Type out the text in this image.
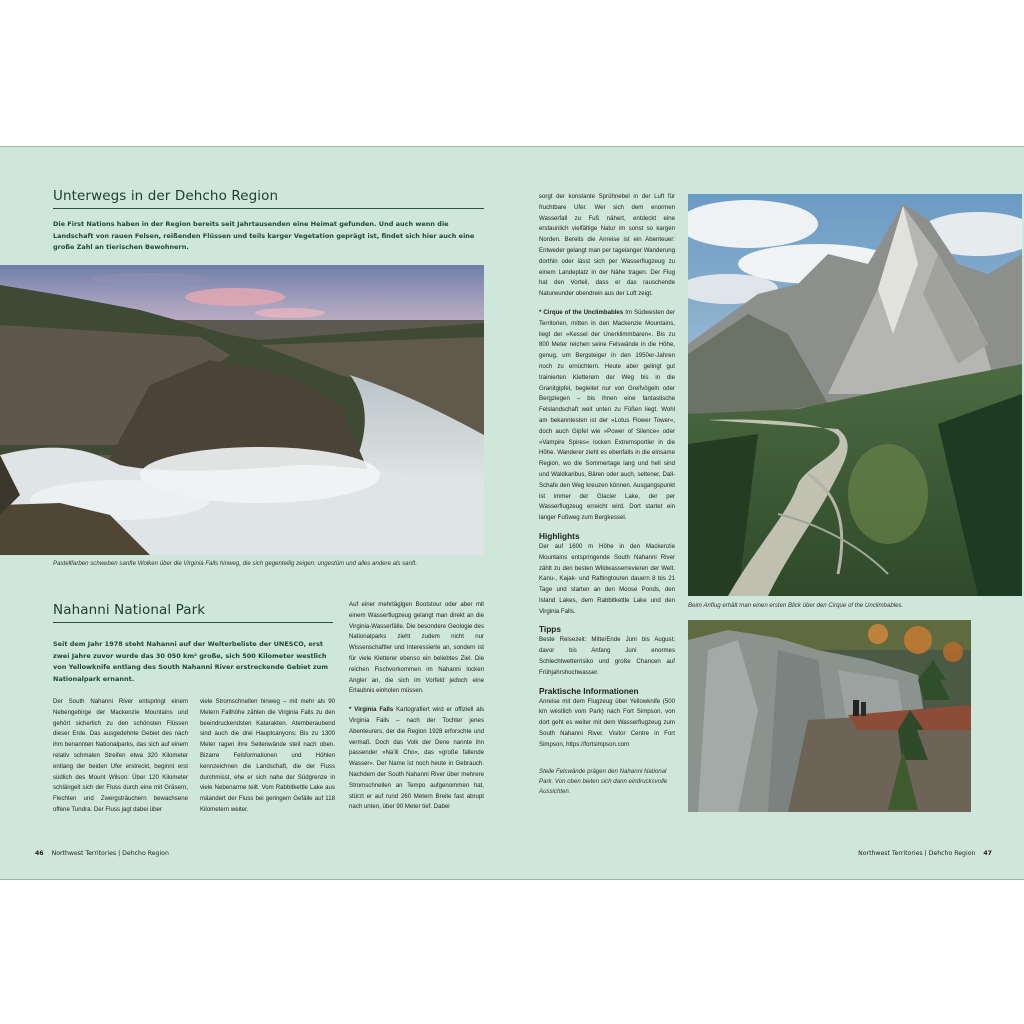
Unterwegs in der Dehcho Region
Die First Nations haben in der Region bereits seit Jahrtausenden eine Heimat gefunden. Und auch wenn die Landschaft von rauen Felsen, reißenden Flüssen und teils karger Vegetation geprägt ist, findet sich hier auch eine große Zahl an tierischen Bewohnern.
Pastellfarben schweben sanfte Wolken über die Virginia Falls hinweg, die sich gegenteilig zeigen: ungestüm und alles andere als sanft.
Nahanni National Park
Seit dem Jahr 1978 steht Nahanni auf der Welterbeliste der UNESCO, erst zwei Jahre zuvor wurde das 30 050 km² große, sich 500 Kilometer westlich von Yellowknife entlang des South Nahanni River erstreckende Gebiet zum Nationalpark ernannt.
Der South Nahanni River entspringt einem Nebengebirge der Mackenzie Mountains und gehört sicherlich zu den schönsten Flüssen dieser Erde. Das ausgedehnte Gebiet des nach ihm benannten Nationalparks, das sich auf einem relativ schmalen Streifen etwa 320 Kilometer entlang der beiden Ufer erstreckt, beginnt erst südlich des Mount Wilson: Über 120 Kilometer schlängelt sich der Fluss durch eine mit Gräsern, Flechten und Zwergsträuchern bewachsene offene Tundra. Der Fluss jagt dabei über
viele Stromschnellen hinweg – mit mehr als 90 Metern Fallhöhe zählen die Virginia Falls zu den beeindruckendsten Katarakten. Atemberaubend sind auch die drei Hauptcanyons: Bis zu 1300 Meter ragen ihre Seitenwände steil nach oben. Bizarre Felsformationen und Höhlen kennzeichnen die Landschaft, die der Fluss durchmisst, ehe er sich nahe der Südgrenze in viele Nebenarme teilt. Vom Rabbitkettle Lake aus mäandert der Fluss bei geringem Gefälle auf 118 Kilometern weiter.
Auf einer mehrtägigen Bootstour oder aber mit einem Wasserflugzeug gelangt man direkt an die Virginia-Wasserfälle. Die besondere Geologie des Nationalparks zieht zudem nicht nur Wissenschaftler und Interessierte an, sondern ist für viele Kletterer ebenso ein beliebtes Ziel. Die reichen Fischvorkommen im Nahanni locken Angler an, die sich im Vorfeld jedoch eine Erlaubnis einholen müssen.
* Virginia Falls Kartografiert wird er offiziell als Virginia Falls – nach der Tochter jenes Abenteurers, der die Region 1928 erforschte und vermaß. Doch das Volk der Dene nannte ihn passender »Na'ili Cho«, das »große fallende Wasser«. Der Name ist noch heute in Gebrauch. Nachdem der South Nahanni River über mehrere Stromschnellen an Tempo aufgenommen hat, stürzt er auf rund 260 Metern Breite fast abrupt nach unten, über 90 Meter tief. Dabei
sorgt der konstante Sprühnebel in der Luft für fruchtbare Ufer. Wer sich dem enormen Wasserfall zu Fuß nähert, entdeckt eine erstaunlich vielfältige Natur im sonst so kargen Norden. Bereits die Anreise ist ein Abenteuer: Entweder gelangt man per tagelanger Wanderung dorthin oder lässt sich per Wasserflugzeug zu einem Landeplatz in der Nähe tragen. Der Flug hat den Vorteil, dass er das rauschende Naturwunder obendrein aus der Luft zeigt.
* Cirque of the Unclimbables Im Südwesten der Territorien, mitten in den Mackenzie Mountains, liegt der »Kessel der Unerklimmbaren«. Bis zu 800 Meter reichen seine Felswände in die Höhe, genug, um Bergsteiger in den 1950er-Jahren noch zu ernüchtern. Heute aber gelingt gut trainierten Kletterern der Weg bis in die Granitgipfel, begleitet nur von Greifvögeln oder Bergziegen – bis ihnen eine fantastische Felslandschaft weit unten zu Füßen liegt. Wohl am bekanntesten ist der »Lotus Flower Tower«, doch auch Gipfel wie »Power of Silence« oder »Vampire Spires« locken Extremsportler in die Höhe. Wanderer zieht es ebenfalls in die einsame Region, wo die Sommertage lang und hell sind und Waldkaribus, Bären oder auch, seltener, Dall-Schafe den Weg kreuzen können. Ausgangspunkt ist immer der Glacier Lake, der per Wasserflugzeug erreicht wird. Dort startet ein langer Fußweg zum Bergkessel.
Highlights
Der auf 1600 m Höhe in den Mackenzie Mountains entspringende South Nahanni River zählt zu den besten Wildwasserrevieren der Welt. Kanu-, Kajak- und Raftingtouren dauern 8 bis 21 Tage und starten an den Moose Ponds, den Island Lakes, dem Rabbitkettle Lake und den Virginia Falls.
Tipps
Beste Reisezeit: Mitte/Ende Juni bis August; davor bis Anfang Juni enormes Schlechtwetterrisiko und große Chancen auf Frühjahrshochwasser.
Praktische Informationen
Anreise mit dem Flugzeug über Yellowknife (500 km westlich vom Park) nach Fort Simpson, von dort geht es weiter mit dem Wasserflugzeug zum South Nahanni River. Visitor Centre in Fort Simpson, https://fortsimpson.com
Steile Felswände prägen den Nahanni National Park. Von oben bieten sich dann eindrucksvolle Aussichten.
Beim Anflug erhält man einen ersten Blick über den Cirque of the Unclimbables.
46 Northwest Territories | Dehcho Region	Northwest Territories | Dehcho Region 47
